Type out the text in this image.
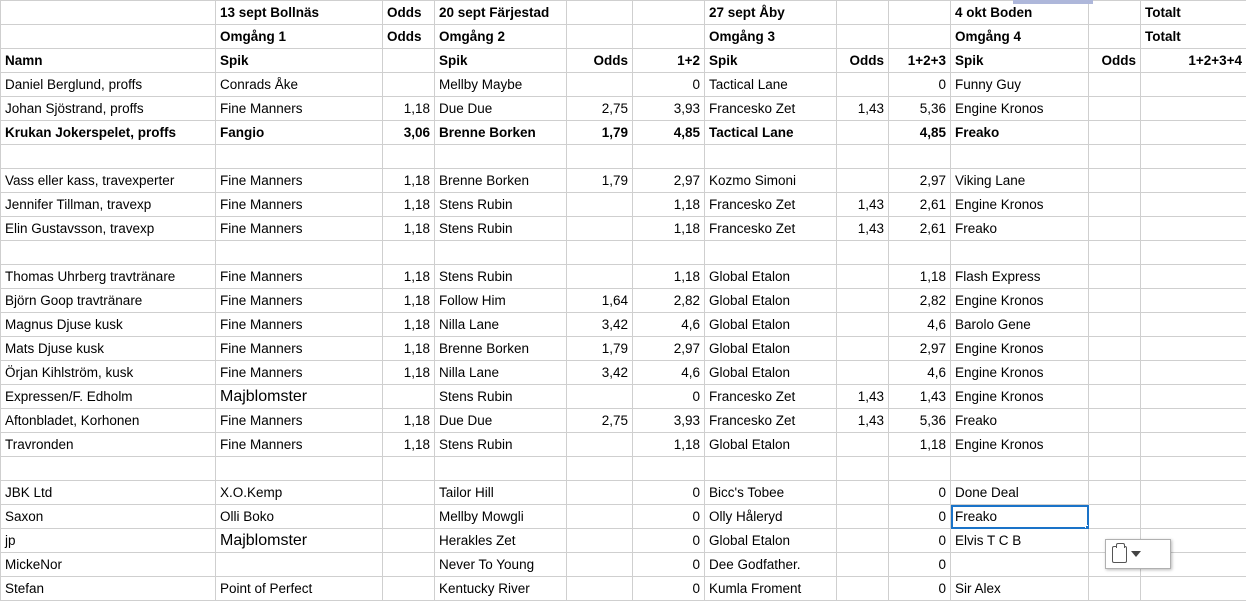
	13 sept Bollnäs	Odds	20 sept Färjestad			27 sept Åby			4 okt Boden		Totalt
	Omgång 1	Odds	Omgång 2			Omgång 3			Omgång 4		Totalt
Namn	Spik		Spik	Odds	1+2	Spik	Odds	1+2+3	Spik	Odds	1+2+3+4
Daniel Berglund, proffs	Conrads Åke		Mellby Maybe		0	Tactical Lane		0	Funny Guy		
Johan Sjöstrand, proffs	Fine Manners	1,18	Due Due	2,75	3,93	Francesko Zet	1,43	5,36	Engine Kronos		
Krukan Jokerspelet, proffs	Fangio	3,06	Brenne Borken	1,79	4,85	Tactical Lane		4,85	Freako		

Vass eller kass, travexperter	Fine Manners	1,18	Brenne Borken	1,79	2,97	Kozmo Simoni		2,97	Viking Lane		
Jennifer Tillman, travexp	Fine Manners	1,18	Stens Rubin		1,18	Francesko Zet	1,43	2,61	Engine Kronos		
Elin Gustavsson, travexp	Fine Manners	1,18	Stens Rubin		1,18	Francesko Zet	1,43	2,61	Freako		

Thomas Uhrberg travtränare	Fine Manners	1,18	Stens Rubin		1,18	Global Etalon		1,18	Flash Express		
Björn Goop travtränare	Fine Manners	1,18	Follow Him	1,64	2,82	Global Etalon		2,82	Engine Kronos		
Magnus Djuse kusk	Fine Manners	1,18	Nilla Lane	3,42	4,6	Global Etalon		4,6	Barolo Gene		
Mats Djuse kusk	Fine Manners	1,18	Brenne Borken	1,79	2,97	Global Etalon		2,97	Engine Kronos		
Örjan Kihlström, kusk	Fine Manners	1,18	Nilla Lane	3,42	4,6	Global Etalon		4,6	Engine Kronos		
Expressen/F. Edholm	Majblomster		Stens Rubin		0	Francesko Zet	1,43	1,43	Engine Kronos		
Aftonbladet, Korhonen	Fine Manners	1,18	Due Due	2,75	3,93	Francesko Zet	1,43	5,36	Freako		
Travronden	Fine Manners	1,18	Stens Rubin		1,18	Global Etalon		1,18	Engine Kronos		

JBK Ltd	X.O.Kemp		Tailor Hill		0	Bicc's Tobee		0	Done Deal		
Saxon	Olli Boko		Mellby Mowgli		0	Olly Håleryd		0	Freako

jp	Majblomster		Herakles Zet		0	Global Etalon		0	Elvis T C B		
MickeNor			Never To Young		0	Dee Godfather.		0			
Stefan	Point of Perfect		Kentucky River		0	Kumla Froment		0	Sir Alex		
